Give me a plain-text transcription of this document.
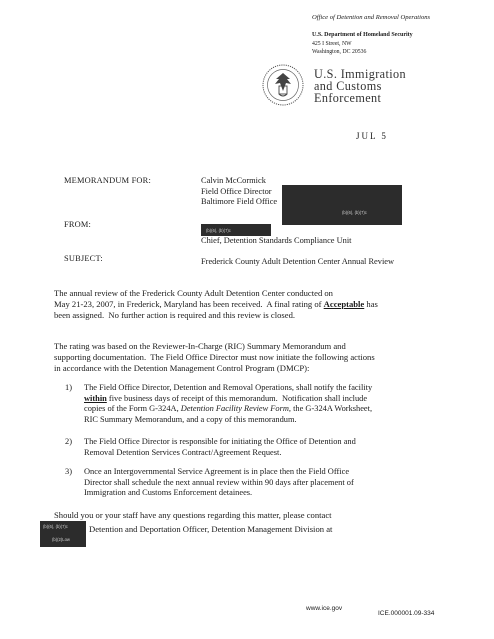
Office of Detention and Removal Operations
U.S. Department of Homeland Security
425 I Street, NW
Washington, DC 20536
U.S. Immigration
and Customs
Enforcement
JUL 5
MEMORANDUM FOR:	Calvin McCormick
Field Office Director
Baltimore Field Office
(b)(6), (b)(7)c
FROM:
(b)(6), (b)(7)c
Chief, Detention Standards Compliance Unit
SUBJECT:	Frederick County Adult Detention Center Annual Review
The annual review of the Frederick County Adult Detention Center conducted on
May 21-23, 2007, in Frederick, Maryland has been received.  A final rating of Acceptable has
been assigned.  No further action is required and this review is closed.
The rating was based on the Reviewer-In-Charge (RIC) Summary Memorandum and
supporting documentation.  The Field Office Director must now initiate the following actions
in accordance with the Detention Management Control Program (DMCP):
1) The Field Office Director, Detention and Removal Operations, shall notify the facility
within five business days of receipt of this memorandum.  Notification shall include
copies of the Form G-324A, Detention Facility Review Form, the G-324A Worksheet,
RIC Summary Memorandum, and a copy of this memorandum.
2) The Field Office Director is responsible for initiating the Office of Detention and
Removal Detention Services Contract/Agreement Request.
3) Once an Intergovernmental Service Agreement is in place then the Field Office
Director shall schedule the next annual review within 90 days after placement of
Immigration and Customs Enforcement detainees.
Should you or your staff have any questions regarding this matter, please contact
(b)(6), (b)(7)c
(b)(2)Low
Detention and Deportation Officer, Detention Management Division at
www.ice.gov
ICE.000001.09-334
